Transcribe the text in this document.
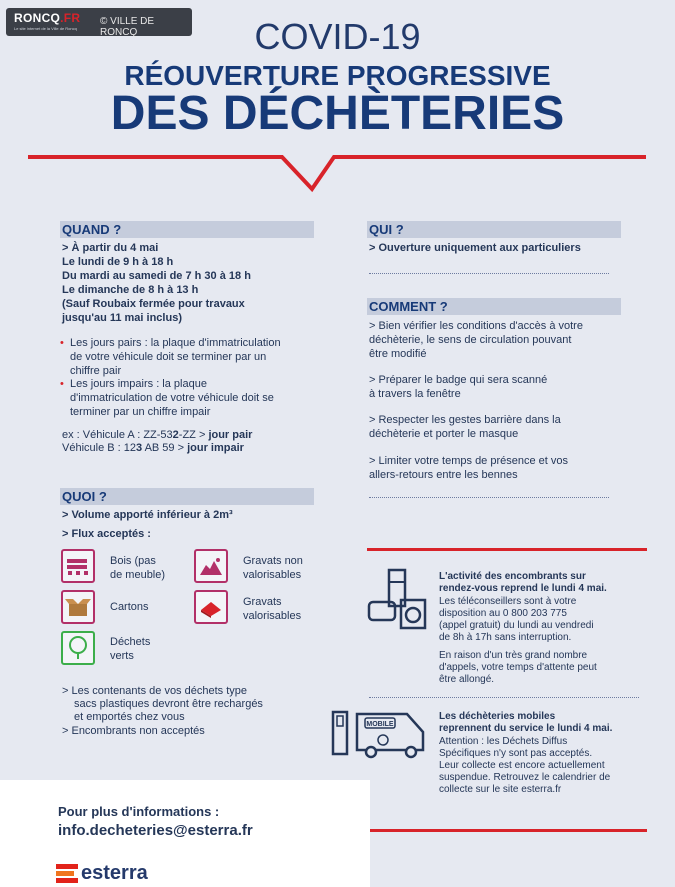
RONCQ.FR
Le site internet de la Ville de Roncq
© VILLE DE RONCQ	COVID-19
RÉOUVERTURE PROGRESSIVE
DES DÉCHÈTERIES
QUAND ?
> À partir du 4 mai
Le lundi de 9 h à 18 h
Du mardi au samedi de 7 h 30 à 18 h
Le dimanche de 8 h à 13 h
(Sauf Roubaix fermée pour travaux
jusqu'au 11 mai inclus)
• Les jours pairs : la plaque d'immatriculation
de votre véhicule doit se terminer par un
chiffre pair
• Les jours impairs : la plaque
d'immatriculation de votre véhicule doit se
terminer par un chiffre impair
ex : Véhicule A : ZZ-532-ZZ > jour pair
Véhicule B : 123 AB 59 > jour impair
QUI ?
> Ouverture uniquement aux particuliers
COMMENT ?
> Bien vérifier les conditions d'accès à votre
déchèterie, le sens de circulation pouvant
être modifié
> Préparer le badge qui sera scanné
à travers la fenêtre
> Respecter les gestes barrière dans la
déchèterie et porter le masque
> Limiter votre temps de présence et vos
allers-retours entre les bennes
QUOI ?
> Volume apporté inférieur à 2m³
> Flux acceptés :
Bois (pas
de meuble)
Gravats non
valorisables
Cartons	Gravats
valorisables
Déchets
verts
> Les contenants de vos déchets type
sacs plastiques devront être rechargés
et emportés chez vous
> Encombrants non acceptés
L'activité des encombrants sur
rendez-vous reprend le lundi 4 mai.
Les téléconseillers sont à votre
disposition au 0 800 203 775
(appel gratuit) du lundi au vendredi
de 8h à 17h sans interruption.
En raison d'un très grand nombre
d'appels, votre temps d'attente peut
être allongé.
MOBILE
Les déchèteries mobiles
reprennent du service le lundi 4 mai.
Attention : les Déchets Diffus
Spécifiques n'y sont pas acceptés.
Leur collecte est encore actuellement
suspendue. Retrouvez le calendrier de
collecte sur le site esterra.fr
Pour plus d'informations :
info.decheteries@esterra.fr
esterra
